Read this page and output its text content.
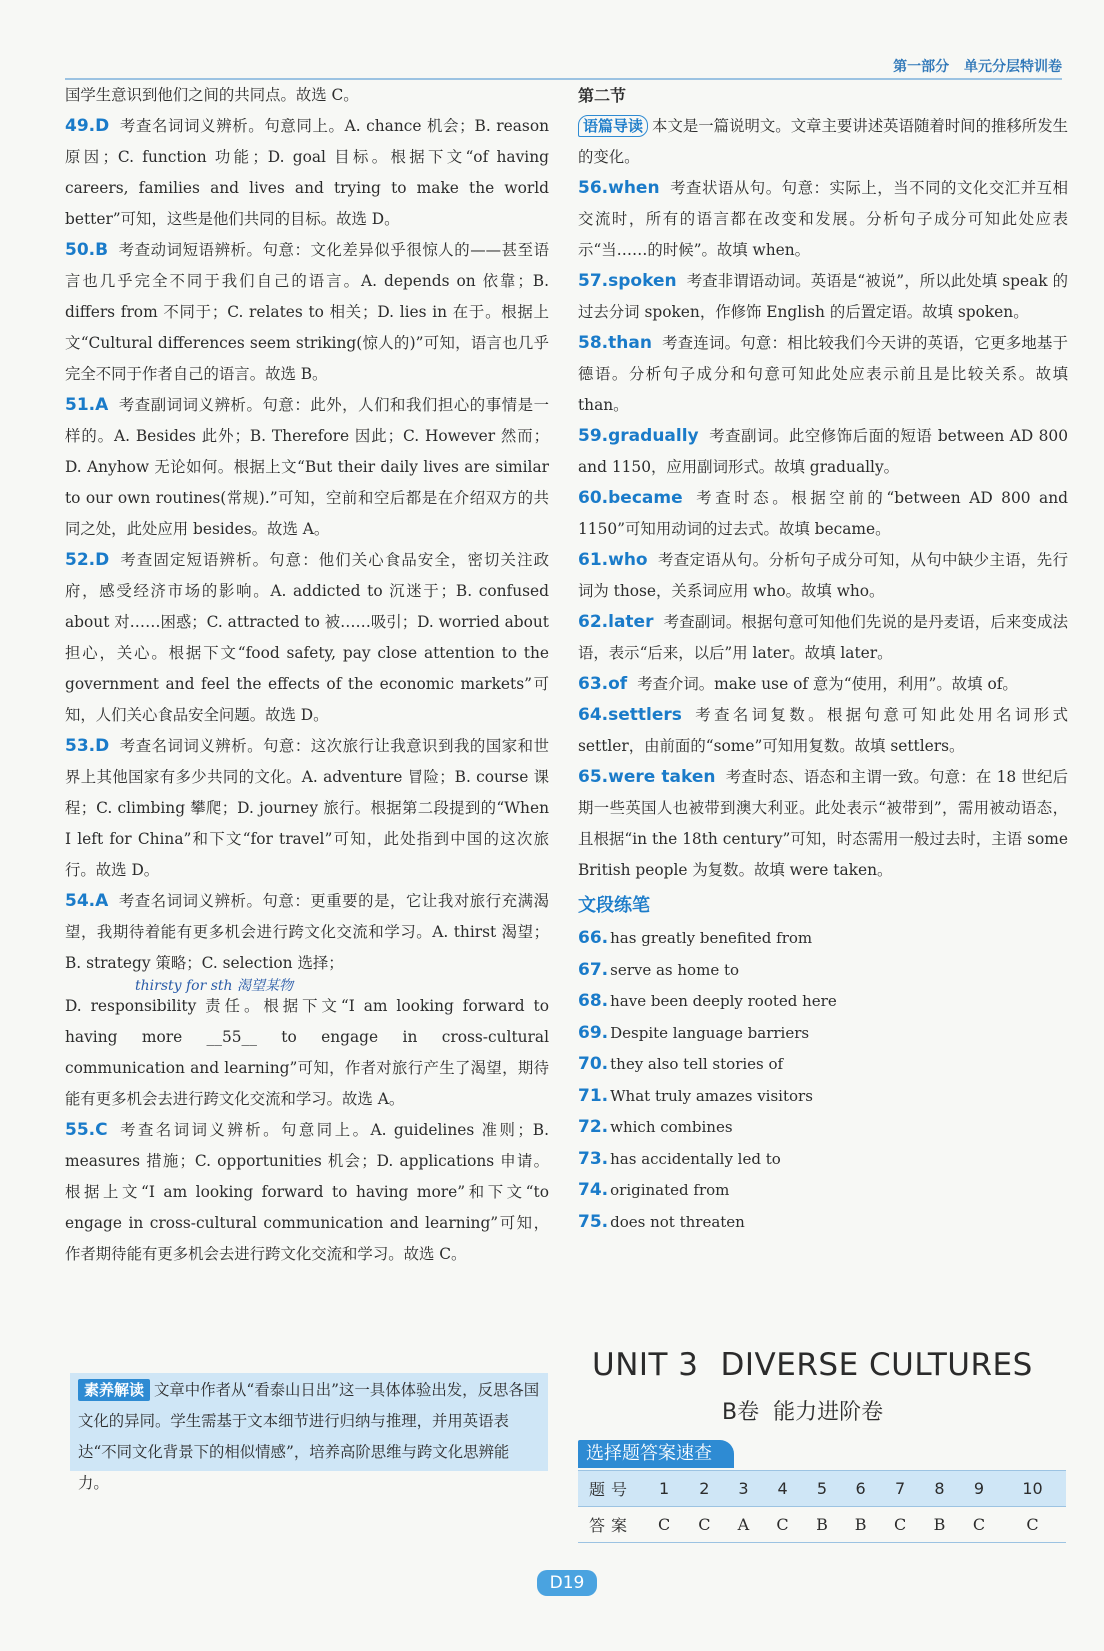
第一部分 单元分层特训卷

国学生意识到他们之间的共同点。故选 C。

49.D 考查名词词义辨析。句意同上。A. chance 机会；B. reason 原因；C. function 功能；D. goal 目标。根据下文“of having careers, families and lives and trying to make the world better”可知，这些是他们共同的目标。故选 D。

50.B 考查动词短语辨析。句意：文化差异似乎很惊人的——甚至语言也几乎完全不同于我们自己的语言。A. depends on 依靠；B. differs from 不同于；C. relates to 相关；D. lies in 在于。根据上文“Cultural differences seem striking(惊人的)”可知，语言也几乎完全不同于作者自己的语言。故选 B。

51.A 考查副词词义辨析。句意：此外，人们和我们担心的事情是一样的。A. Besides 此外；B. Therefore 因此；C. However 然而；D. Anyhow 无论如何。根据上文“But their daily lives are similar to our own routines(常规).”可知，空前和空后都是在介绍双方的共同之处，此处应用 besides。故选 A。

52.D 考查固定短语辨析。句意：他们关心食品安全，密切关注政府，感受经济市场的影响。A. addicted to 沉迷于；B. confused about 对……困惑；C. attracted to 被……吸引；D. worried about 担心，关心。根据下文“food safety, pay close attention to the government and feel the effects of the economic markets”可知，人们关心食品安全问题。故选 D。

53.D 考查名词词义辨析。句意：这次旅行让我意识到我的国家和世界上其他国家有多少共同的文化。A. adventure 冒险；B. course 课程；C. climbing 攀爬；D. journey 旅行。根据第二段提到的“When I left for China”和下文“for travel”可知，此处指到中国的这次旅行。故选 D。

54.A 考查名词词义辨析。句意：更重要的是，它让我对旅行充满渴望，我期待着能有更多机会进行跨文化交流和学习。A. thirst 渴望；B. strategy 策略；C. selection 选择；
thirsty for sth 渴望某物
D. responsibility 责任。根据下文“I am looking forward to having more __55__ to engage in cross-cultural communication and learning”可知，作者对旅行产生了渴望，期待能有更多机会去进行跨文化交流和学习。故选 A。

55.C 考查名词词义辨析。句意同上。A. guidelines 准则；B. measures 措施；C. opportunities 机会；D. applications 申请。根据上文“I am looking forward to having more”和下文“to engage in cross-cultural communication and learning”可知，作者期待能有更多机会去进行跨文化交流和学习。故选 C。

素养解读 文章中作者从“看泰山日出”这一具体体验出发，反思各国文化的异同。学生需基于文本细节进行归纳与推理，并用英语表达“不同文化背景下的相似情感”，培养高阶思维与跨文化思辨能力。

第二节

语篇导读 本文是一篇说明文。文章主要讲述英语随着时间的推移所发生的变化。

56.when 考查状语从句。句意：实际上，当不同的文化交汇并互相交流时，所有的语言都在改变和发展。分析句子成分可知此处应表示“当……的时候”。故填 when。

57.spoken 考查非谓语动词。英语是“被说”，所以此处填 speak 的过去分词 spoken，作修饰 English 的后置定语。故填 spoken。

58.than 考查连词。句意：相比较我们今天讲的英语，它更多地基于德语。分析句子成分和句意可知此处应表示前且是比较关系。故填 than。

59.gradually 考查副词。此空修饰后面的短语 between AD 800 and 1150，应用副词形式。故填 gradually。

60.became 考查时态。根据空前的“between AD 800 and 1150”可知用动词的过去式。故填 became。

61.who 考查定语从句。分析句子成分可知，从句中缺少主语，先行词为 those，关系词应用 who。故填 who。

62.later 考查副词。根据句意可知他们先说的是丹麦语，后来变成法语，表示“后来，以后”用 later。故填 later。

63.of 考查介词。make use of 意为“使用，利用”。故填 of。

64.settlers 考查名词复数。根据句意可知此处用名词形式 settler，由前面的“some”可知用复数。故填 settlers。

65.were taken 考查时态、语态和主谓一致。句意：在 18 世纪后期一些英国人也被带到澳大利亚。此处表示“被带到”，需用被动语态，且根据“in the 18th century”可知，时态需用一般过去时，主语 some British people 为复数。故填 were taken。

文段练笔
66. has greatly benefited from
67. serve as home to
68. have been deeply rooted here
69. Despite language barriers
70. they also tell stories of
71. What truly amazes visitors
72. which combines
73. has accidentally led to
74. originated from
75. does not threaten
UNIT 3 DIVERSE CULTURES
B卷 能力进阶卷
选择题答案速查
题号	1	2	3	4	5	6	7	8	9	10
答案	C	C	A	C	B	B	C	B	C	C
D19
